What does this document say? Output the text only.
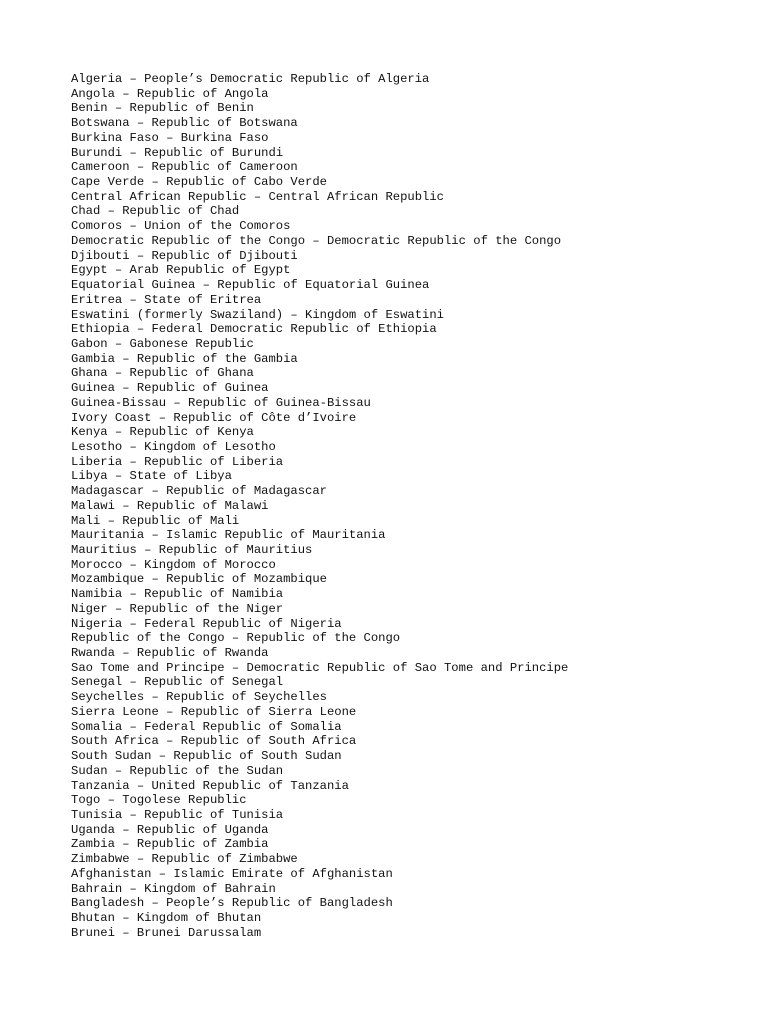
Algeria – People’s Democratic Republic of Algeria
Angola – Republic of Angola
Benin – Republic of Benin
Botswana – Republic of Botswana
Burkina Faso – Burkina Faso
Burundi – Republic of Burundi
Cameroon – Republic of Cameroon
Cape Verde – Republic of Cabo Verde
Central African Republic – Central African Republic
Chad – Republic of Chad
Comoros – Union of the Comoros
Democratic Republic of the Congo – Democratic Republic of the Congo
Djibouti – Republic of Djibouti
Egypt – Arab Republic of Egypt
Equatorial Guinea – Republic of Equatorial Guinea
Eritrea – State of Eritrea
Eswatini (formerly Swaziland) – Kingdom of Eswatini
Ethiopia – Federal Democratic Republic of Ethiopia
Gabon – Gabonese Republic
Gambia – Republic of the Gambia
Ghana – Republic of Ghana
Guinea – Republic of Guinea
Guinea-Bissau – Republic of Guinea-Bissau
Ivory Coast – Republic of Côte d’Ivoire
Kenya – Republic of Kenya
Lesotho – Kingdom of Lesotho
Liberia – Republic of Liberia
Libya – State of Libya
Madagascar – Republic of Madagascar
Malawi – Republic of Malawi
Mali – Republic of Mali
Mauritania – Islamic Republic of Mauritania
Mauritius – Republic of Mauritius
Morocco – Kingdom of Morocco
Mozambique – Republic of Mozambique
Namibia – Republic of Namibia
Niger – Republic of the Niger
Nigeria – Federal Republic of Nigeria
Republic of the Congo – Republic of the Congo
Rwanda – Republic of Rwanda
Sao Tome and Principe – Democratic Republic of Sao Tome and Principe
Senegal – Republic of Senegal
Seychelles – Republic of Seychelles
Sierra Leone – Republic of Sierra Leone
Somalia – Federal Republic of Somalia
South Africa – Republic of South Africa
South Sudan – Republic of South Sudan
Sudan – Republic of the Sudan
Tanzania – United Republic of Tanzania
Togo – Togolese Republic
Tunisia – Republic of Tunisia
Uganda – Republic of Uganda
Zambia – Republic of Zambia
Zimbabwe – Republic of Zimbabwe
Afghanistan – Islamic Emirate of Afghanistan
Bahrain – Kingdom of Bahrain
Bangladesh – People’s Republic of Bangladesh
Bhutan – Kingdom of Bhutan
Brunei – Brunei Darussalam
